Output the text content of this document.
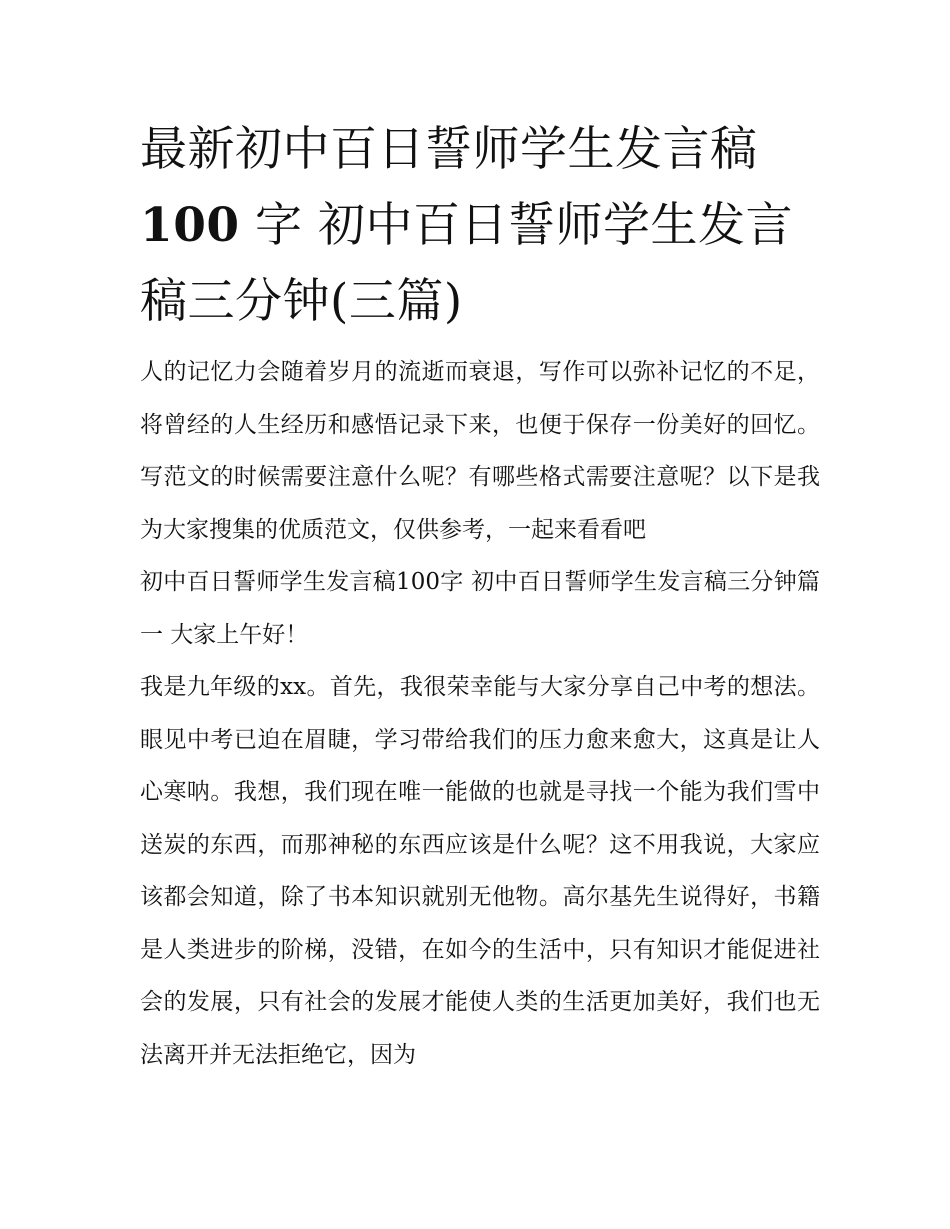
最新初中百日誓师学生发言稿100 字 初中百日誓师学生发言稿三分钟(三篇)

人的记忆力会随着岁月的流逝而衰退，写作可以弥补记忆的不足，将曾经的人生经历和感悟记录下来，也便于保存一份美好的回忆。写范文的时候需要注意什么呢？有哪些格式需要注意呢？以下是我为大家搜集的优质范文，仅供参考，一起来看看吧

初中百日誓师学生发言稿100字 初中百日誓师学生发言稿三分钟篇一 大家上午好！

我是九年级的xx。首先，我很荣幸能与大家分享自己中考的想法。眼见中考已迫在眉睫，学习带给我们的压力愈来愈大，这真是让人心寒呐。我想，我们现在唯一能做的也就是寻找一个能为我们雪中送炭的东西，而那神秘的东西应该是什么呢？这不用我说，大家应该都会知道，除了书本知识就别无他物。高尔基先生说得好，书籍是人类进步的阶梯，没错，在如今的生活中，只有知识才能促进社会的发展，只有社会的发展才能使人类的生活更加美好，我们也无法离开并无法拒绝它，因为
